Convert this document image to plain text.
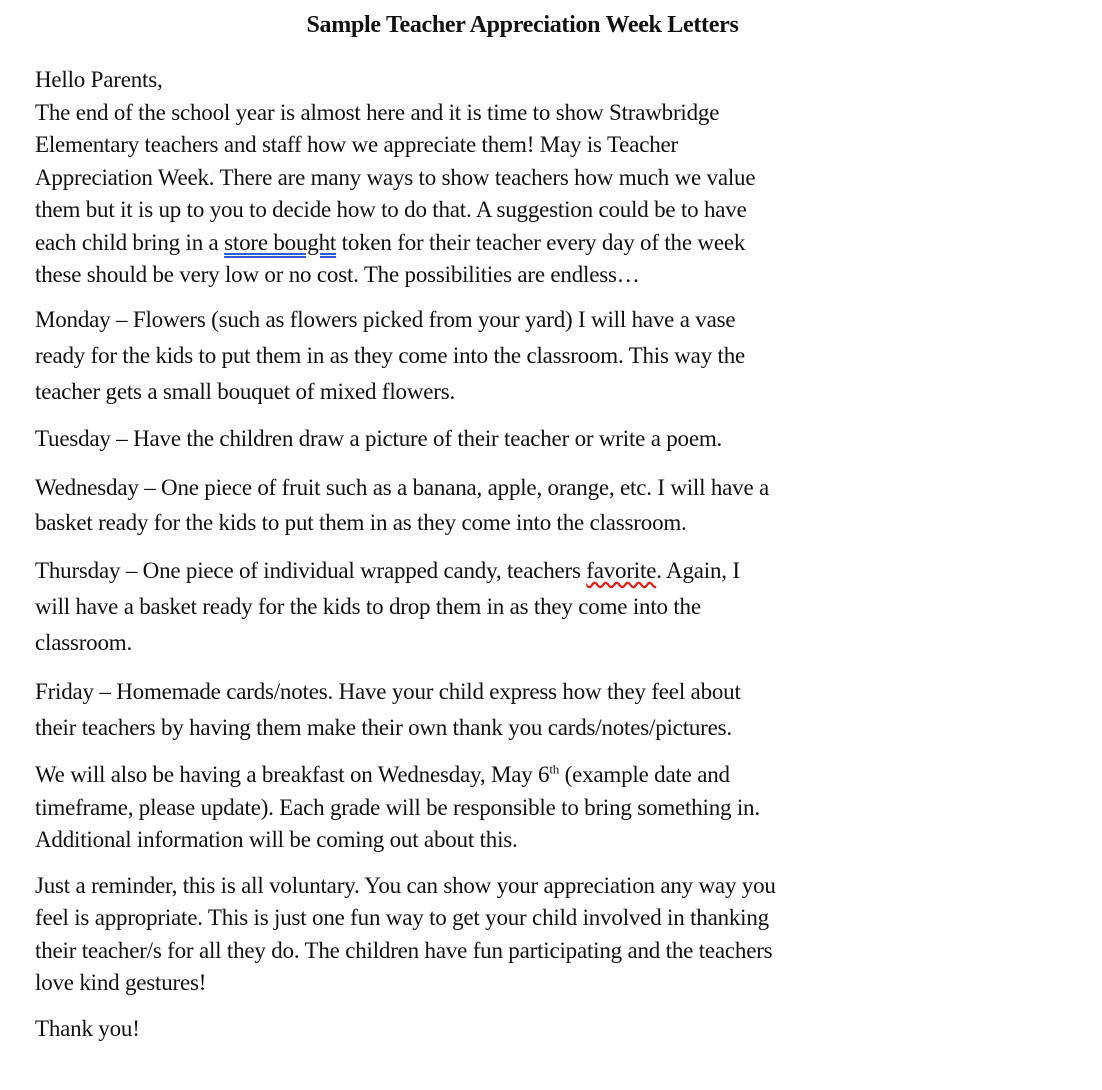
Sample Teacher Appreciation Week Letters
Hello Parents,
The end of the school year is almost here and it is time to show Strawbridge
Elementary teachers and staff how we appreciate them! May is Teacher
Appreciation Week. There are many ways to show teachers how much we value
them but it is up to you to decide how to do that. A suggestion could be to have
each child bring in a store bought token for their teacher every day of the week
these should be very low or no cost. The possibilities are endless…
Monday – Flowers (such as flowers picked from your yard) I will have a vase
ready for the kids to put them in as they come into the classroom. This way the
teacher gets a small bouquet of mixed flowers.
Tuesday – Have the children draw a picture of their teacher or write a poem.
Wednesday – One piece of fruit such as a banana, apple, orange, etc. I will have a
basket ready for the kids to put them in as they come into the classroom.
Thursday – One piece of individual wrapped candy, teachers favorite. Again, I
will have a basket ready for the kids to drop them in as they come into the
classroom.
Friday – Homemade cards/notes. Have your child express how they feel about
their teachers by having them make their own thank you cards/notes/pictures.
We will also be having a breakfast on Wednesday, May 6th (example date and
timeframe, please update). Each grade will be responsible to bring something in.
Additional information will be coming out about this.
Just a reminder, this is all voluntary. You can show your appreciation any way you
feel is appropriate. This is just one fun way to get your child involved in thanking
their teacher/s for all they do. The children have fun participating and the teachers
love kind gestures!
Thank you!
